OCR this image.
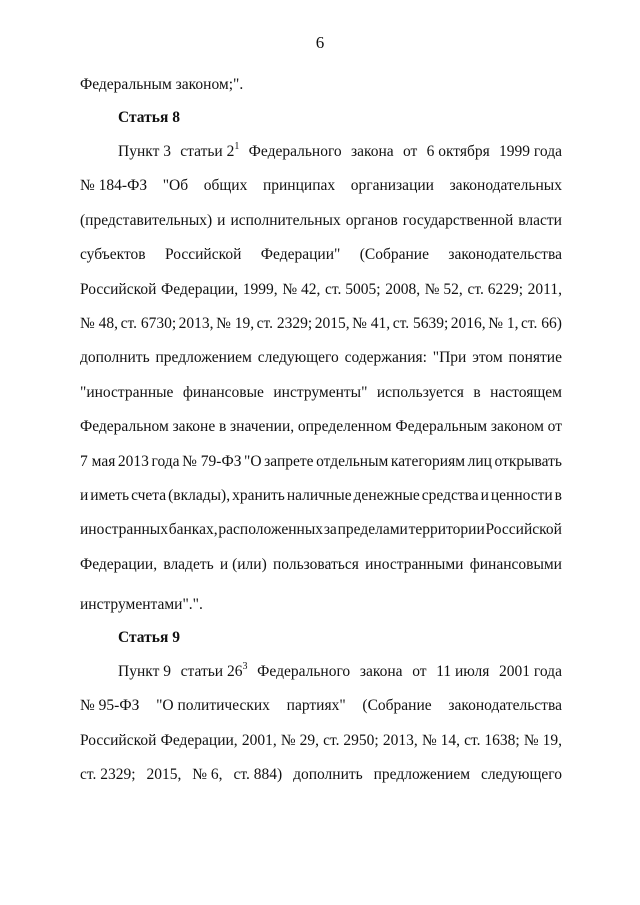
6
Федеральным законом;".
Статья 8
Пункт 3 статьи $2^1$ Федерального закона от 6 октября 1999 года
№ 184-ФЗ "Об общих принципах организации законодательных
(представительных) и исполнительных органов государственной власти
субъектов Российской Федерации" (Собрание законодательства
Российской Федерации, 1999, № 42, ст. 5005; 2008, № 52, ст. 6229; 2011,
№ 48, ст. 6730; 2013, № 19, ст. 2329; 2015, № 41, ст. 5639; 2016, № 1, ст. 66)
дополнить предложением следующего содержания: "При этом понятие
"иностранные финансовые инструменты" используется в настоящем
Федеральном законе в значении, определенном Федеральным законом от
7 мая 2013 года № 79-ФЗ "О запрете отдельным категориям лиц открывать
и иметь счета (вклады), хранить наличные денежные средства и ценности в
иностранных банках, расположенных за пределами территории Российской
Федерации, владеть и (или) пользоваться иностранными финансовыми
инструментами".".
Статья 9
Пункт 9 статьи $26^3$ Федерального закона от 11 июля 2001 года
№ 95-ФЗ "О политических партиях" (Собрание законодательства
Российской Федерации, 2001, № 29, ст. 2950; 2013, № 14, ст. 1638; № 19,
ст. 2329; 2015, № 6, ст. 884) дополнить предложением следующего
